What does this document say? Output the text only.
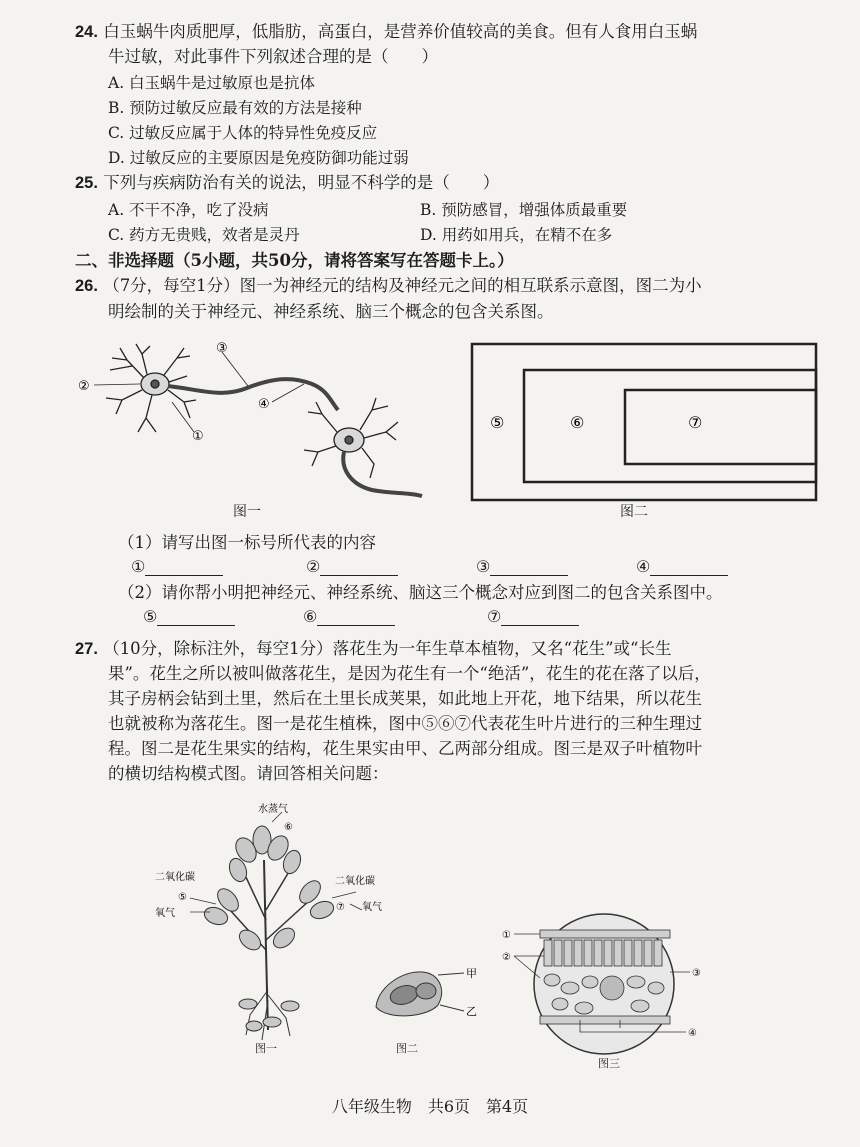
24. 白玉蜗牛肉质肥厚，低脂肪，高蛋白，是营养价值较高的美食。但有人食用白玉蜗
牛过敏，对此事件下列叙述合理的是（　　）
A. 白玉蜗牛是过敏原也是抗体
B. 预防过敏反应最有效的方法是接种
C. 过敏反应属于人体的特异性免疫反应
D. 过敏反应的主要原因是免疫防御功能过弱
25. 下列与疾病防治有关的说法，明显不科学的是（　　）
A. 不干不净，吃了没病	B. 预防感冒，增强体质最重要
C. 药方无贵贱，效者是灵丹	D. 用药如用兵，在精不在多
二、非选择题（5小题，共50分，请将答案写在答题卡上。）
26. （7分，每空1分）图一为神经元的结构及神经元之间的相互联系示意图，图二为小
明绘制的关于神经元、神经系统、脑三个概念的包含关系图。
②
③
①
④
图一
⑤	⑥	⑦
图二
（1）请写出图一标号所代表的内容
①	②	③	④
（2）请你帮小明把神经元、神经系统、脑这三个概念对应到图二的包含关系图中。
⑤	⑥	⑦
27. （10分，除标注外，每空1分）落花生为一年生草本植物，又名“花生”或“长生
果”。花生之所以被叫做落花生，是因为花生有一个“绝活”，花生的花在落了以后，
其子房柄会钻到土里，然后在土里长成荚果，如此地上开花，地下结果，所以花生
也就被称为落花生。图一是花生植株，图中⑤⑥⑦代表花生叶片进行的三种生理过
程。图二是花生果实的结构，花生果实由甲、乙两部分组成。图三是双子叶植物叶
的横切结构模式图。请回答相关问题：
水蒸气
⑥
二氧化碳
⑤
氧气
二氧化碳
⑦ 氧气
图一
甲
乙
图二
①
②
③
④
图三
八年级生物　共6页　第4页
